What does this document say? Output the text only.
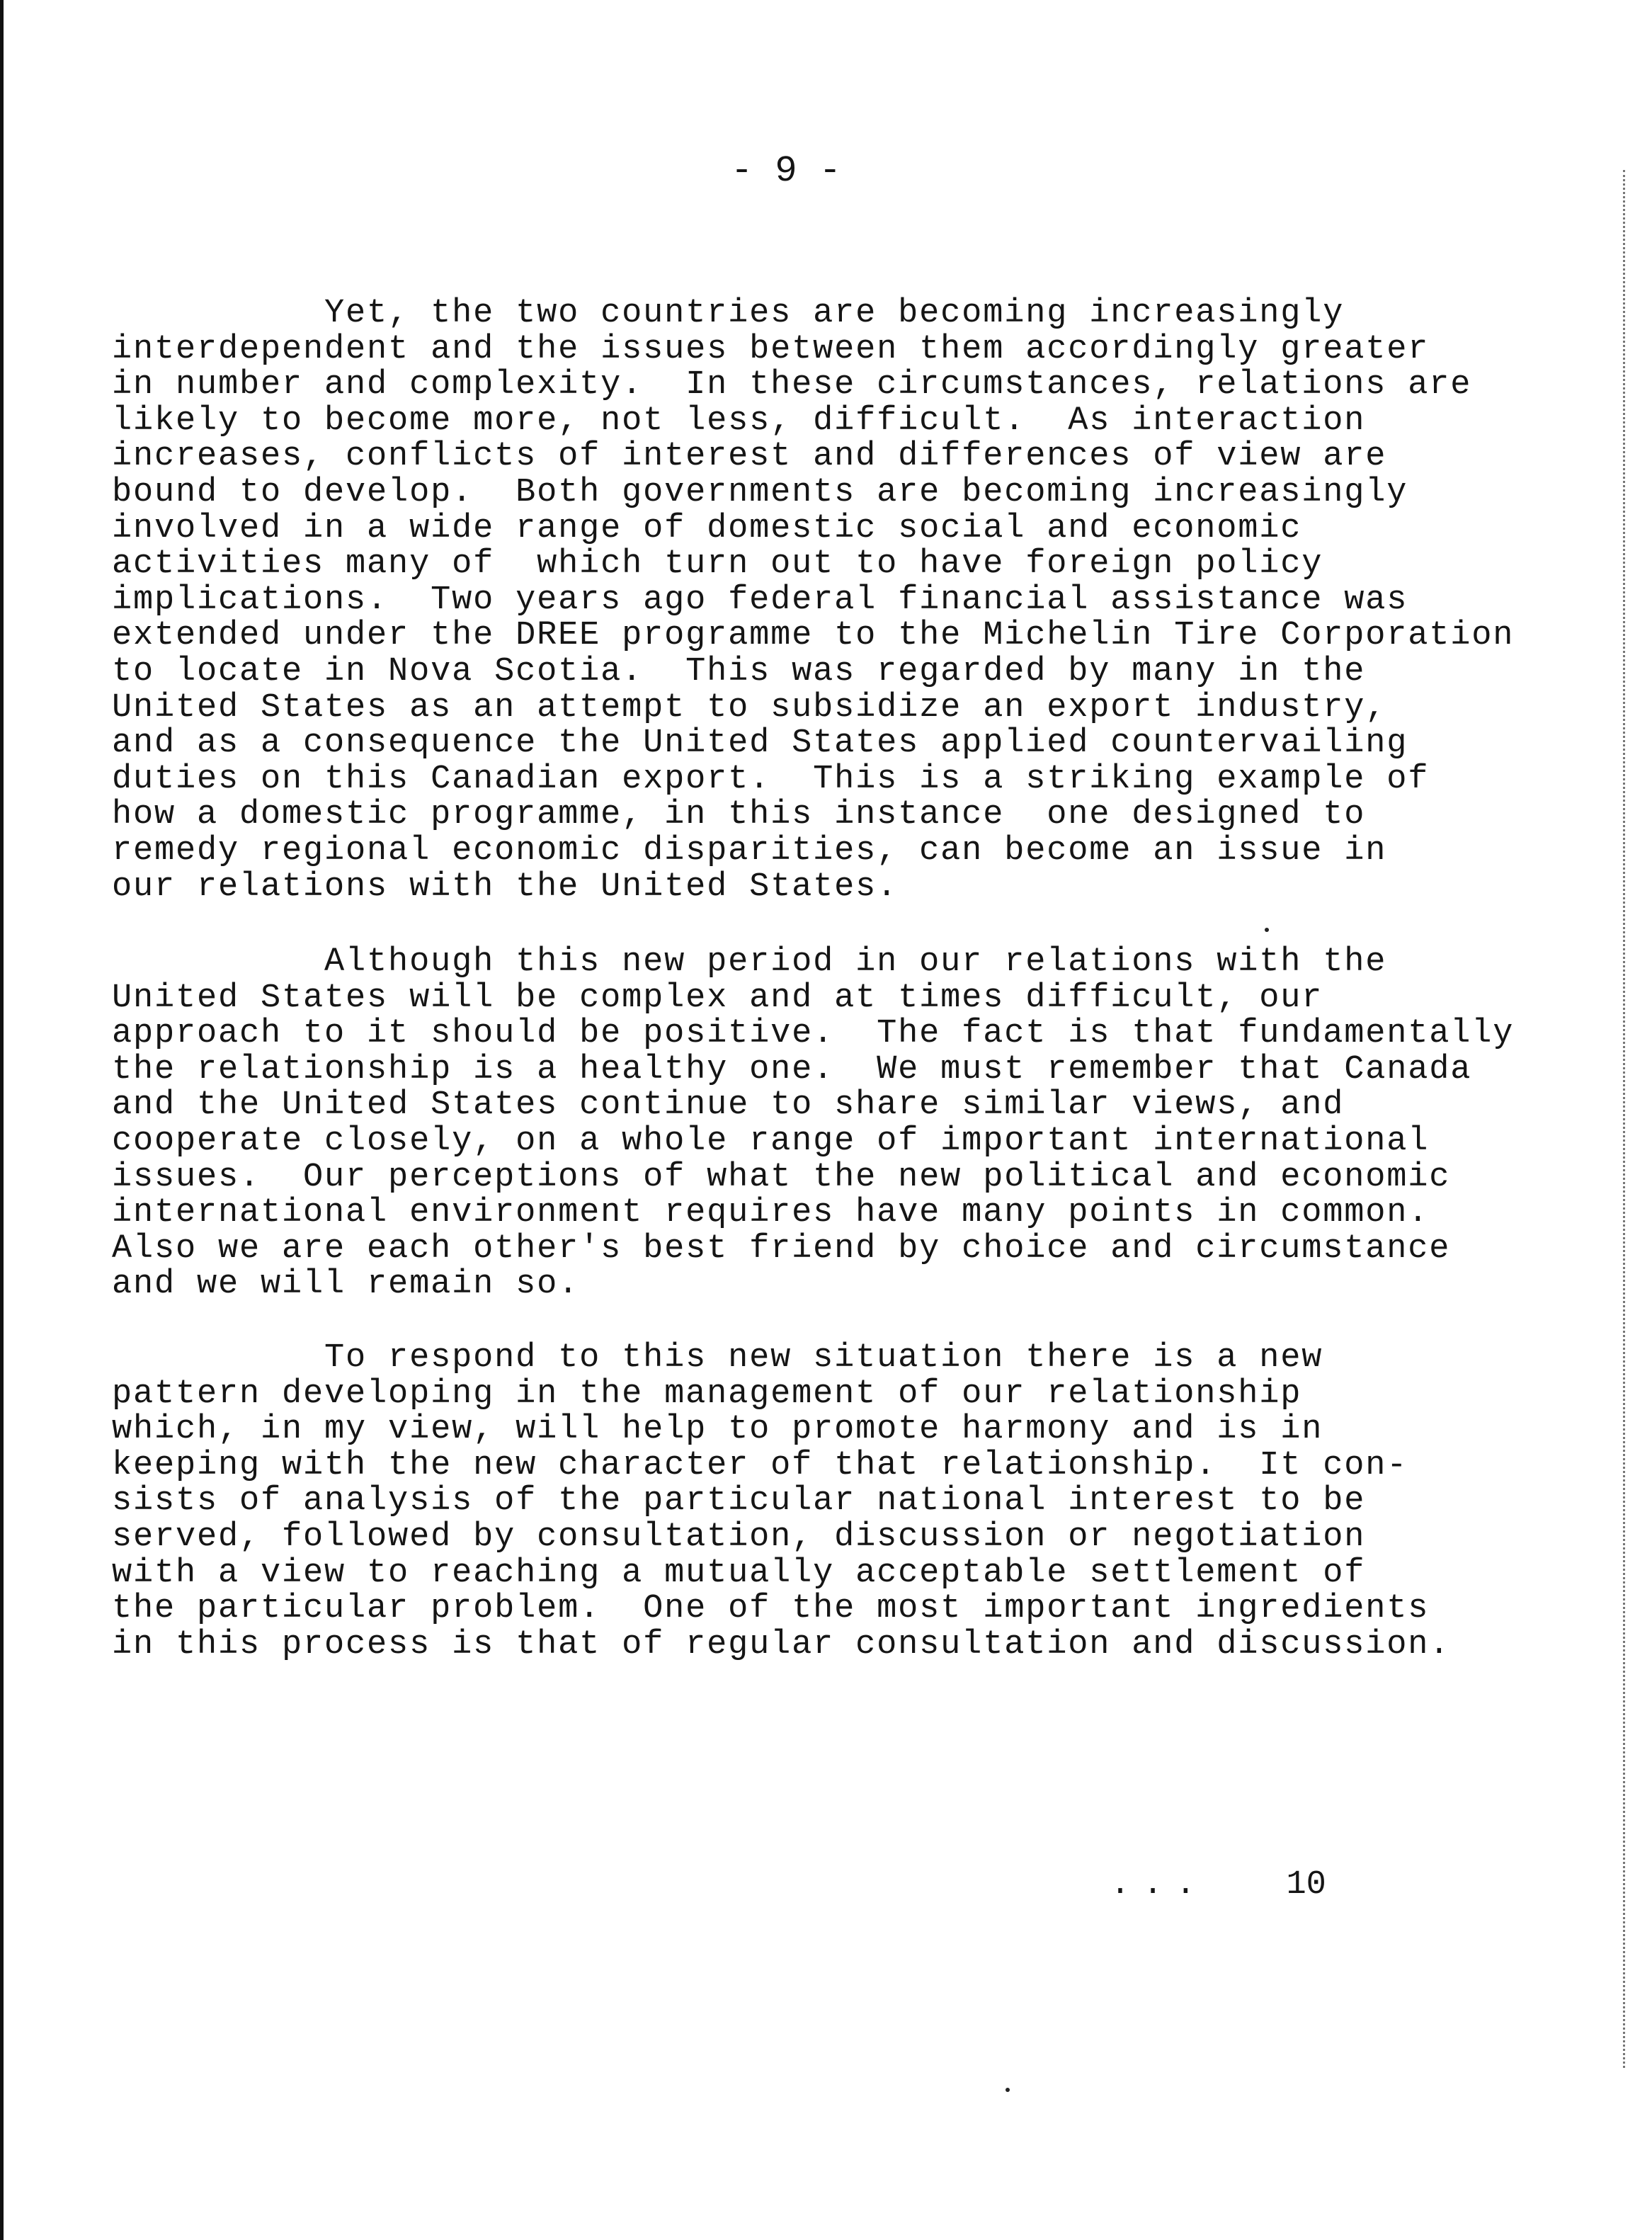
- 9 -
Yet, the two countries are becoming increasingly
interdependent and the issues between them accordingly greater
in number and complexity.  In these circumstances, relations are
likely to become more, not less, difficult.  As interaction
increases, conflicts of interest and differences of view are
bound to develop.  Both governments are becoming increasingly
involved in a wide range of domestic social and economic
activities many of  which turn out to have foreign policy
implications.  Two years ago federal financial assistance was
extended under the DREE programme to the Michelin Tire Corporation
to locate in Nova Scotia.  This was regarded by many in the
United States as an attempt to subsidize an export industry,
and as a consequence the United States applied countervailing
duties on this Canadian export.  This is a striking example of
how a domestic programme, in this instance  one designed to
remedy regional economic disparities, can become an issue in
our relations with the United States.
Although this new period in our relations with the
United States will be complex and at times difficult, our
approach to it should be positive.  The fact is that fundamentally
the relationship is a healthy one.  We must remember that Canada
and the United States continue to share similar views, and
cooperate closely, on a whole range of important international
issues.  Our perceptions of what the new political and economic
international environment requires have many points in common.
Also we are each other's best friend by choice and circumstance
and we will remain so.
To respond to this new situation there is a new
pattern developing in the management of our relationship
which, in my view, will help to promote harmony and is in
keeping with the new character of that relationship.  It con-
sists of analysis of the particular national interest to be
served, followed by consultation, discussion or negotiation
with a view to reaching a mutually acceptable settlement of
the particular problem.  One of the most important ingredients
in this process is that of regular consultation and discussion.

... 10
